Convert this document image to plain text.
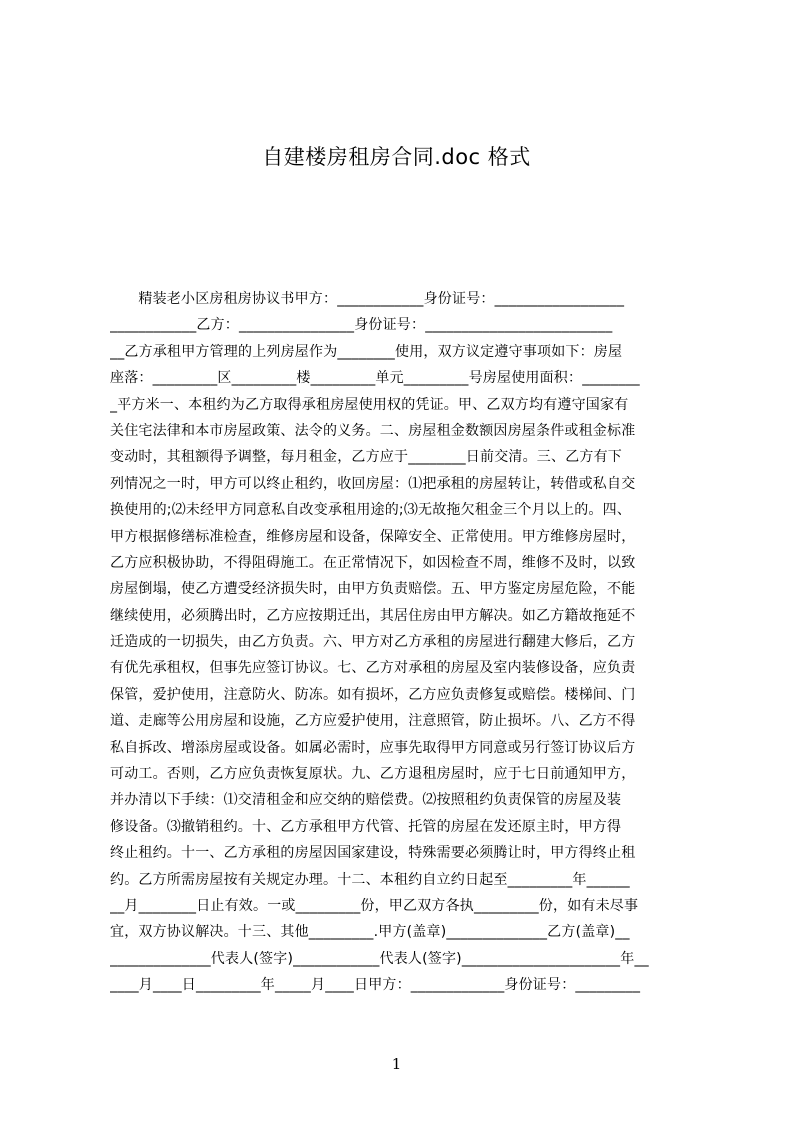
自建楼房租房合同.doc 格式
　　精装老小区房租房协议书甲方：____________身份证号：__________________
____________乙方：________________身份证号：__________________________
__乙方承租甲方管理的上列房屋作为________使用，双方议定遵守事项如下：房屋
座落：_________区_________楼_________单元_________号房屋使用面积：________
_平方米一、本租约为乙方取得承租房屋使用权的凭证。甲、乙双方均有遵守国家有
关住宅法律和本市房屋政策、法令的义务。二、房屋租金数额因房屋条件或租金标准
变动时，其租额得予调整，每月租金，乙方应于________日前交清。三、乙方有下
列情况之一时，甲方可以终止租约，收回房屋：⑴把承租的房屋转让，转借或私自交
换使用的;⑵未经甲方同意私自改变承租用途的;⑶无故拖欠租金三个月以上的。四、
甲方根据修缮标准检查，维修房屋和设备，保障安全、正常使用。甲方维修房屋时，
乙方应积极协助，不得阻碍施工。在正常情况下，如因检查不周，维修不及时，以致
房屋倒塌，使乙方遭受经济损失时，由甲方负责赔偿。五、甲方鉴定房屋危险，不能
继续使用，必须腾出时，乙方应按期迁出，其居住房由甲方解决。如乙方籍故拖延不
迁造成的一切损失，由乙方负责。六、甲方对乙方承租的房屋进行翻建大修后，乙方
有优先承租权，但事先应签订协议。七、乙方对承租的房屋及室内装修设备，应负责
保管，爱护使用，注意防火、防冻。如有损坏，乙方应负责修复或赔偿。楼梯间、门
道、走廊等公用房屋和设施，乙方应爱护使用，注意照管，防止损坏。八、乙方不得
私自拆改、增添房屋或设备。如属必需时，应事先取得甲方同意或另行签订协议后方
可动工。否则，乙方应负责恢复原状。九、乙方退租房屋时，应于七日前通知甲方，
并办清以下手续：⑴交清租金和应交纳的赔偿费。⑵按照租约负责保管的房屋及装
修设备。⑶撤销租约。十、乙方承租甲方代管、托管的房屋在发还原主时，甲方得
终止租约。十一、乙方承租的房屋因国家建设，特殊需要必须腾让时，甲方得终止租
约。乙方所需房屋按有关规定办理。十二、本租约自立约日起至_________年______
__月________日止有效。一或_________份，甲乙双方各执_________份，如有未尽事
宜，双方协议解决。十三、其他_________.甲方(盖章)______________乙方(盖章)__
______________代表人(签字)____________代表人(签字)______________________年__
____月____日_________年_____月____日甲方：_____________身份证号：_________
1
